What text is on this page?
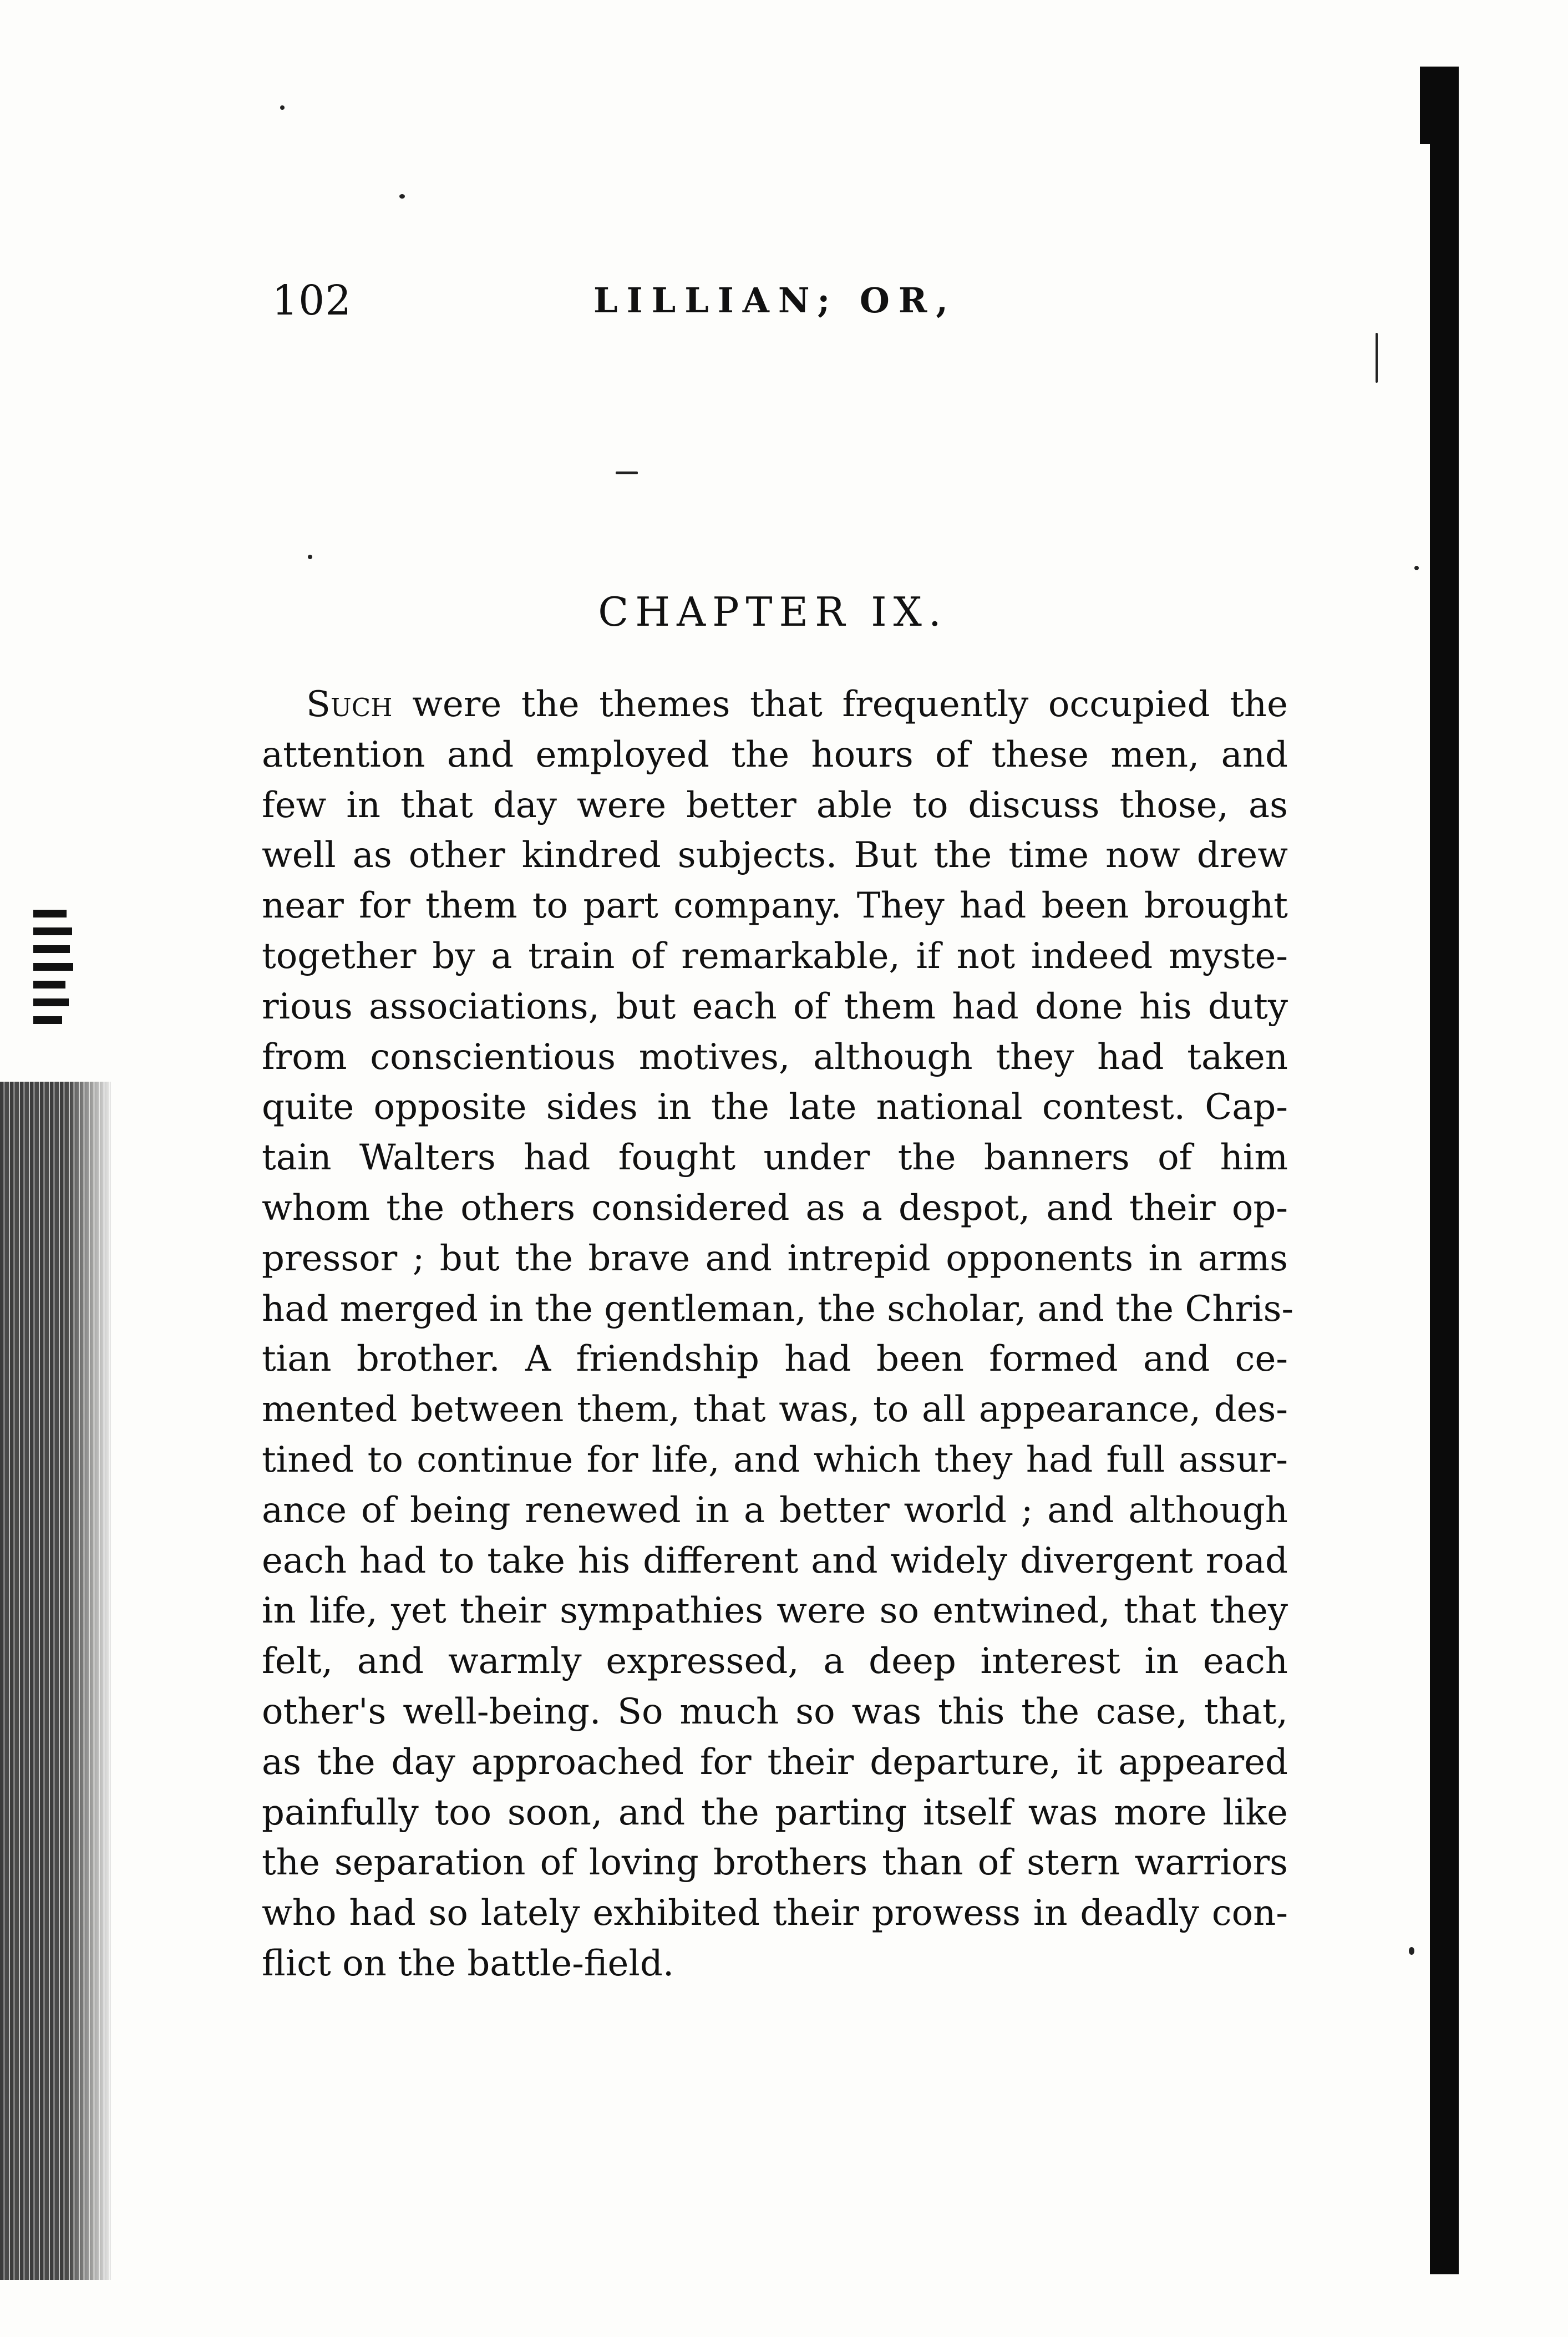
102	LILLIAN; OR,
CHAPTER IX.
Such were the themes that frequently occupied the
attention and employed the hours of these men, and
few in that day were better able to discuss those, as
well as other kindred subjects. But the time now drew
near for them to part company. They had been brought
together by a train of remarkable, if not indeed myste-
rious associations, but each of them had done his duty
from conscientious motives, although they had taken
quite opposite sides in the late national contest. Cap-
tain Walters had fought under the banners of him
whom the others considered as a despot, and their op-
pressor ; but the brave and intrepid opponents in arms
had merged in the gentleman, the scholar, and the Chris-
tian brother. A friendship had been formed and ce-
mented between them, that was, to all appearance, des-
tined to continue for life, and which they had full assur-
ance of being renewed in a better world ; and although
each had to take his different and widely divergent road
in life, yet their sympathies were so entwined, that they
felt, and warmly expressed, a deep interest in each
other's well-being. So much so was this the case, that,
as the day approached for their departure, it appeared
painfully too soon, and the parting itself was more like
the separation of loving brothers than of stern warriors
who had so lately exhibited their prowess in deadly con-
flict on the battle-field.
